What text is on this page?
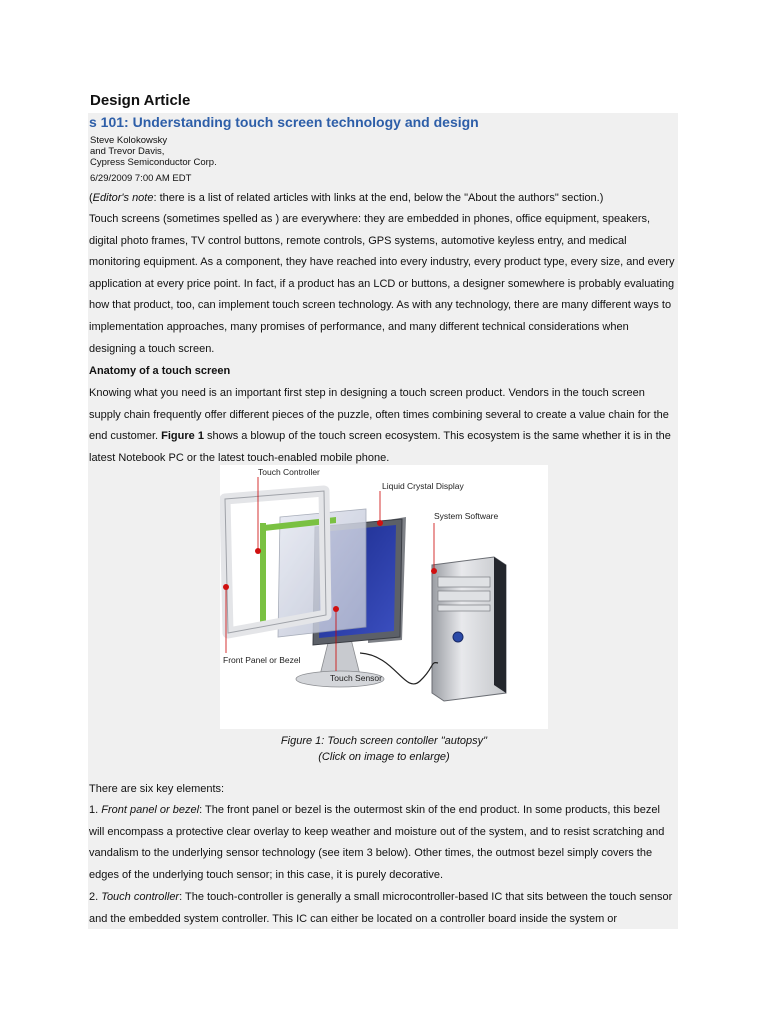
Design Article
s 101: Understanding touch screen technology and design
Steve Kolokowsky
and Trevor Davis,
Cypress Semiconductor Corp.
6/29/2009 7:00 AM EDT
(Editor's note: there is a list of related articles with links at the end, below the "About the authors" section.)
Touch screens (sometimes spelled as ) are everywhere: they are embedded in phones, office equipment, speakers, digital photo frames, TV control buttons, remote controls, GPS systems, automotive keyless entry, and medical monitoring equipment. As a component, they have reached into every industry, every product type, every size, and every application at every price point. In fact, if a product has an LCD or buttons, a designer somewhere is probably evaluating how that product, too, can implement touch screen technology. As with any technology, there are many different ways to implementation approaches, many promises of performance, and many different technical considerations when designing a touch screen.
Anatomy of a touch screen
Knowing what you need is an important first step in designing a touch screen product. Vendors in the touch screen supply chain frequently offer different pieces of the puzzle, often times combining several to create a value chain for the end customer. Figure 1 shows a blowup of the touch screen ecosystem. This ecosystem is the same whether it is in the latest Notebook PC or the latest touch-enabled mobile phone.
Touch Controller
Liquid Crystal Display
System Software
Front Panel or Bezel
Touch Sensor
Figure 1: Touch screen contoller "autopsy"
(Click on image to enlarge)
There are six key elements:
1. Front panel or bezel: The front panel or bezel is the outermost skin of the end product. In some products, this bezel will encompass a protective clear overlay to keep weather and moisture out of the system, and to resist scratching and vandalism to the underlying sensor technology (see item 3 below). Other times, the outmost bezel simply covers the edges of the underlying touch sensor; in this case, it is purely decorative.
2. Touch controller: The touch-controller is generally a small microcontroller-based IC that sits between the touch sensor and the embedded system controller. This IC can either be located on a controller board inside the system or
